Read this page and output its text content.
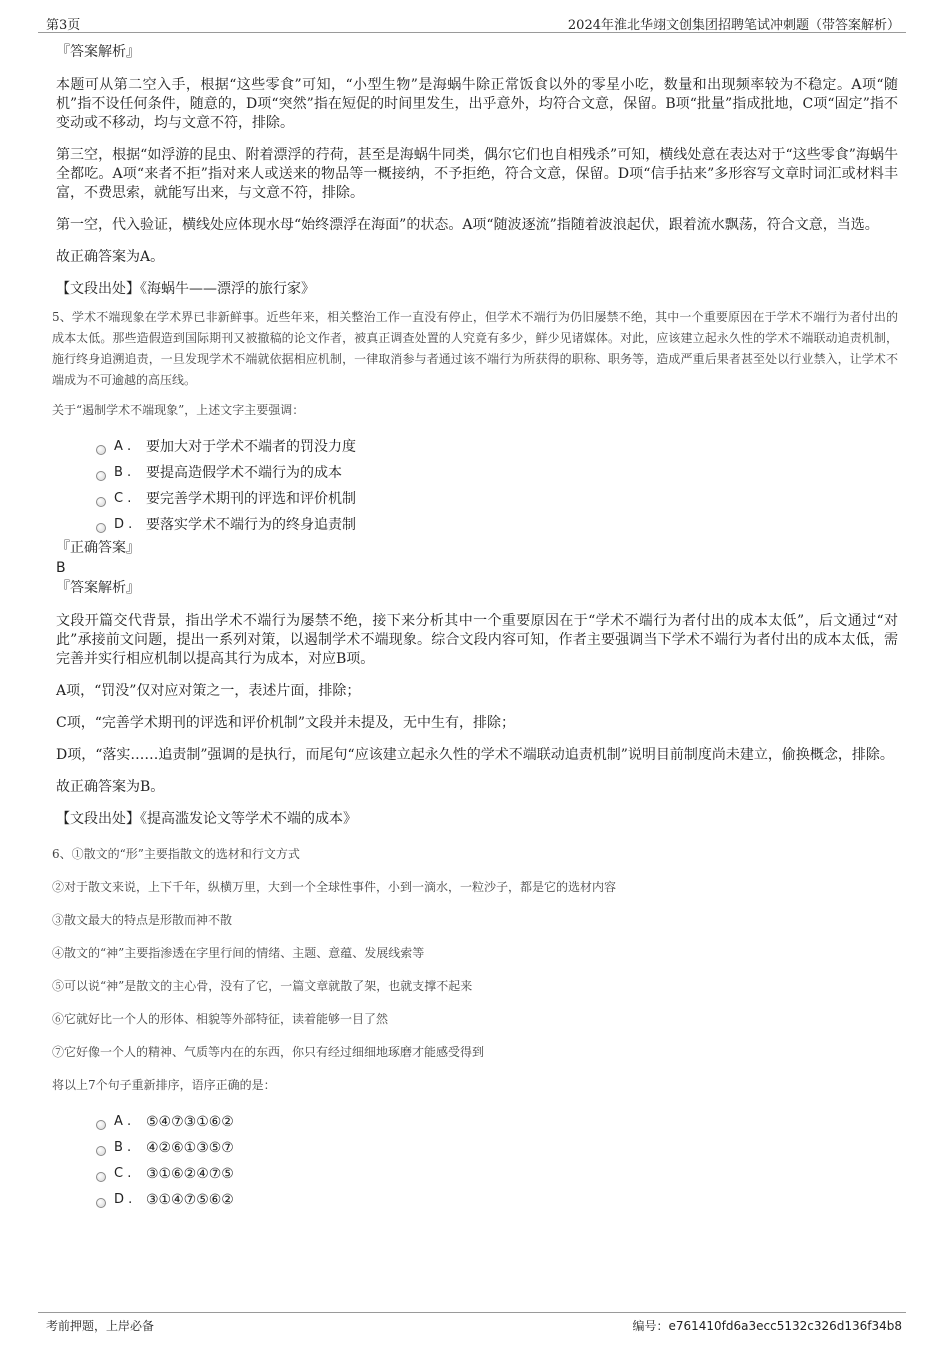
第3页	2024年淮北华翊文创集团招聘笔试冲刺题（带答案解析）
『答案解析』

本题可从第二空入手，根据“这些零食”可知，“小型生物”是海蜗牛除正常饭食以外的零星小吃，数量和出现频率较为不稳定。A项“随机”指不设任何条件，随意的，D项“突然”指在短促的时间里发生，出乎意外，均符合文意，保留。B项“批量”指成批地，C项“固定”指不变动或不移动，均与文意不符，排除。

第三空，根据“如浮游的昆虫、附着漂浮的荇荷，甚至是海蜗牛同类，偶尔它们也自相残杀”可知，横线处意在表达对于“这些零食”海蜗牛全都吃。A项“来者不拒”指对来人或送来的物品等一概接纳，不予拒绝，符合文意，保留。D项“信手拈来”多形容写文章时词汇或材料丰富，不费思索，就能写出来，与文意不符，排除。

第一空，代入验证，横线处应体现水母“始终漂浮在海面”的状态。A项“随波逐流”指随着波浪起伏，跟着流水飘荡，符合文意，当选。

故正确答案为A。

【文段出处】《海蜗牛——漂浮的旅行家》

5、学术不端现象在学术界已非新鲜事。近些年来，相关整治工作一直没有停止，但学术不端行为仍旧屡禁不绝，其中一个重要原因在于学术不端行为者付出的成本太低。那些造假造到国际期刊又被撤稿的论文作者，被真正调查处置的人究竟有多少，鲜少见诸媒体。对此，应该建立起永久性的学术不端联动追责机制，施行终身追溯追责，一旦发现学术不端就依据相应机制，一律取消参与者通过该不端行为所获得的职称、职务等，造成严重后果者甚至处以行业禁入，让学术不端成为不可逾越的高压线。

关于“遏制学术不端现象”，上述文字主要强调：

A .	要加大对于学术不端者的罚没力度
B .	要提高造假学术不端行为的成本
C .	要完善学术期刊的评选和评价机制
D . 要落实学术不端行为的终身追责制
『正确答案』
B
『答案解析』

文段开篇交代背景，指出学术不端行为屡禁不绝，接下来分析其中一个重要原因在于“学术不端行为者付出的成本太低”，后文通过“对此”承接前文问题，提出一系列对策，以遏制学术不端现象。综合文段内容可知，作者主要强调当下学术不端行为者付出的成本太低，需完善并实行相应机制以提高其行为成本，对应B项。

A项，“罚没”仅对应对策之一，表述片面，排除；

C项，“完善学术期刊的评选和评价机制”文段并未提及，无中生有，排除；

D项，“落实……追责制”强调的是执行，而尾句“应该建立起永久性的学术不端联动追责机制”说明目前制度尚未建立，偷换概念，排除。

故正确答案为B。

【文段出处】《提高滥发论文等学术不端的成本》

6、①散文的“形”主要指散文的选材和行文方式

②对于散文来说，上下千年，纵横万里，大到一个全球性事件，小到一滴水，一粒沙子，都是它的选材内容

③散文最大的特点是形散而神不散

④散文的“神”主要指渗透在字里行间的情绪、主题、意蕴、发展线索等

⑤可以说“神”是散文的主心骨，没有了它，一篇文章就散了架，也就支撑不起来

⑥它就好比一个人的形体、相貌等外部特征，读着能够一目了然

⑦它好像一个人的精神、气质等内在的东西，你只有经过细细地琢磨才能感受得到

将以上7个句子重新排序，语序正确的是：

A .	⑤④⑦③①⑥②
B .	④②⑥①③⑤⑦
C .	③①⑥②④⑦⑤
D . ③①④⑦⑤⑥②
考前押题，上岸必备	编号：e761410fd6a3ecc5132c326d136f34b8
